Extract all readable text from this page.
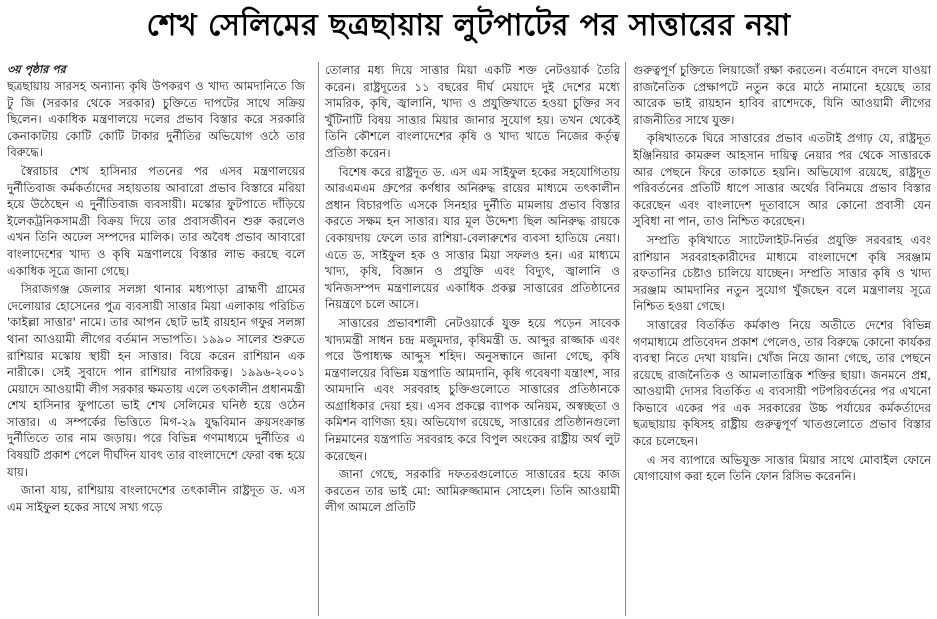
শেখ সেলিমের ছত্রছায়ায় লুটপাটের পর সাত্তারের নয়া
৩য় পৃষ্ঠার পর

ছত্রছায়ায় সারসহ অন্যান্য কৃষি উপকরণ ও খাদ্য আমদানিতে জি টু জি (সরকার থেকে সরকার) চুক্তিতে দাপটের সাথে সক্রিয় ছিলেন। একাধিক মন্ত্রণালয়ে দলের প্রভাব বিস্তার করে সরকারি কেনাকাটায় কোটি কোটি টাকার দুর্নীতির অভিযোগ ওঠে তার বিরুদ্ধে।

স্বৈরাচার শেখ হাসিনার পতনের পর এসব মন্ত্রণালয়ের দুর্নীতিবাজ কর্মকর্তাদের সহায়তায় আবারো প্রভাব বিস্তারে মরিয়া হয়ে উঠেছেন এ দুর্নীতিবাজ ব্যবসায়ী। মস্কোর ফুটপাতে দাঁড়িয়ে ইলেকট্রনিকসামগ্রী বিক্রয় দিয়ে তার প্রবাসজীবন শুরু করলেও এখন তিনি অঢেল সম্পদের মালিক। তার অবৈধ প্রভাব আবারো বাংলাদেশের খাদ্য ও কৃষি মন্ত্রণালয়ে বিস্তার লাভ করছে বলে একাধিক সূত্রে জানা গেছে।

সিরাজগঞ্জ জেলার সলঙ্গা থানার মধ্যপাড়া ব্রাহ্মণী গ্রামের দেলোয়ার হোসেনের পুত্র ব্যবসায়ী সাত্তার মিয়া এলাকায় পরিচিত 'কাইল্লা সাত্তার' নামে। তার আপন ছোট ভাই রায়হান গফুর সলঙ্গা থানা আওয়ামী লীগের বর্তমান সভাপতি। ১৯৯০ সালের শুরুতে রাশিয়ার মস্কোয় স্থায়ী হন সাত্তার। বিয়ে করেন রাশিয়ান এক নারীকে। সেই সুবাদে পান রাশিয়ার নাগরিকত্ব। ১৯৯৬-২০০১ মেয়াদে আওয়ামী লীগ সরকার ক্ষমতায় এলে তৎকালীন প্রধানমন্ত্রী শেখ হাসিনার ফুপাতো ভাই শেখ সেলিমের ঘনিষ্ঠ হয়ে ওঠেন সাত্তার। এ সম্পর্কের ভিত্তিতে মিগ-২৯ যুদ্ধবিমান ক্রয়সংক্রান্ত দুর্নীতিতে তার নাম জড়ায়। পরে বিভিন্ন গণমাধ্যমে দুর্নীতির এ বিষয়টি প্রকাশ পেলে দীর্ঘদিন যাবৎ তার বাংলাদেশে ফেরা বন্ধ হয়ে যায়।

জানা যায়, রাশিয়ায় বাংলাদেশের তৎকালীন রাষ্ট্রদূত ড. এস এম সাইফুল হকের সাথে সখ্য গড়ে

তোলার মধ্য দিয়ে সাত্তার মিয়া একটি শক্ত নেটওয়ার্ক তৈরি করেন। রাষ্ট্রদূতের ১১ বছরের দীর্ঘ মেয়াদে দুই দেশের মধ্যে সামরিক, কৃষি, জ্বালানি, খাদ্য ও প্রযুক্তিখাতে হওয়া চুক্তির সব খুঁটিনাটি বিষয় সাত্তার মিয়ার জানার সুযোগ হয়। তখন থেকেই তিনি কৌশলে বাংলাদেশের কৃষি ও খাদ্য খাতে নিজের কর্তৃত্ব প্রতিষ্ঠা করেন।

বিশেষ করে রাষ্ট্রদূত ড. এস এম সাইফুল হকের সহযোগিতায় আরএমএম গ্রুপের কর্ণধার অনিরুদ্ধ রায়ের মাধ্যমে তৎকালীন প্রধান বিচারপতি এসকে সিনহার দুর্নীতি মামলায় প্রভাব বিস্তার করতে সক্ষম হন সাত্তার। যার মূল উদ্দেশ্য ছিল অনিরুদ্ধ রায়কে বেকায়দায় ফেলে তার রাশিয়া-বেলারুশের ব্যবসা হাতিয়ে নেয়া। এতে ড. সাইফুল হক ও সাত্তার মিয়া সফলও হন। এর মাধ্যমে খাদ্য, কৃষি, বিজ্ঞান ও প্রযুক্তি এবং বিদ্যুৎ, জ্বালানি ও খনিজসম্পদ মন্ত্রণালয়ের একাধিক প্রকল্প সাত্তারের প্রতিষ্ঠানের নিয়ন্ত্রণে চলে আসে।

সাত্তারের প্রভাবশালী নেটওয়ার্কে যুক্ত হয়ে পড়েন সাবেক খাদ্যমন্ত্রী সাধন চন্দ্র মজুমদার, কৃষিমন্ত্রী ড. আব্দুর রাজ্জাক এবং পরে উপাধ্যক্ষ আব্দুস শহিদ। অনুসন্ধানে জানা গেছে, কৃষি মন্ত্রণালয়ের বিভিন্ন যন্ত্রপাতি আমদানি, কৃষি গবেষণা যন্ত্রাংশ, সার আমদানি এবং সরবরাহ চুক্তিগুলোতে সাত্তারের প্রতিষ্ঠানকে অগ্রাধিকার দেয়া হয়। এসব প্রকল্পে ব্যাপক অনিয়ম, অস্বচ্ছতা ও কমিশন বাণিজ্য হয়। অভিযোগ রয়েছে, সাত্তারের প্রতিষ্ঠানগুলো নিম্নমানের যন্ত্রপাতি সরবরাহ করে বিপুল অংকের রাষ্ট্রীয় অর্থ লুট করেছেন।

জানা গেছে, সরকারি দফতরগুলোতে সাত্তারের হয়ে কাজ করতেন তার ভাই মো: আমিরুজ্জামান সোহেল। তিনি আওয়ামী লীগ আমলে প্রতিটি

গুরুত্বপূর্ণ চুক্তিতে লিয়াজোঁ রক্ষা করতেন। বর্তমানে বদলে যাওয়া রাজনৈতিক প্রেক্ষাপটে নতুন করে মাঠে নামানো হয়েছে তার আরেক ভাই রায়হান হাবিব রাশেদকে, যিনি আওয়ামী লীগের রাজনীতির সাথে যুক্ত।

কৃষিখাতকে ঘিরে সাত্তারের প্রভাব এতটাই প্রগাঢ় যে, রাষ্ট্রদূত ইঞ্জিনিয়ার কামরুল আহসান দায়িত্ব নেয়ার পর থেকে সাত্তারকে আর পেছনে ফিরে তাকাতে হয়নি। অভিযোগ রয়েছে, রাষ্ট্রদূত পরিবর্তনের প্রতিটি ধাপে সাত্তার অর্থের বিনিময়ে প্রভাব বিস্তার করেছেন এবং বাংলাদেশ দূতাবাসে আর কোনো প্রবাসী যেন সুবিধা না পান, তাও নিশ্চিত করেছেন।

সম্প্রতি কৃষিখাতে স্যাটেলাইট-নির্ভর প্রযুক্তি সরবরাহ এবং রাশিয়ান সরবরাহকারীদের মাধ্যমে বাংলাদেশে কৃষি সরঞ্জাম রফতানির চেষ্টাও চালিয়ে যাচ্ছেন। সম্প্রতি সাত্তার কৃষি ও খাদ্য সরঞ্জাম আমদানির নতুন সুযোগ খুঁজছেন বলে মন্ত্রণালয় সূত্রে নিশ্চিত হওয়া গেছে।

সাত্তারের বিতর্কিত কর্মকাণ্ড নিয়ে অতীতে দেশের বিভিন্ন গণমাধ্যমে প্রতিবেদন প্রকাশ পেলেও, তার বিরুদ্ধে কোনো কার্যকর ব্যবস্থা নিতে দেখা যায়নি। খোঁজ নিয়ে জানা গেছে, তার পেছনে রয়েছে রাজনৈতিক ও আমলাতান্ত্রিক শক্তির ছায়া। জনমনে প্রশ্ন, আওয়ামী দোসর বিতর্কিত এ ব্যবসায়ী পটপরিবর্তনের পর এখনো কিভাবে একের পর এক সরকারের উচ্চ পর্যায়ের কর্মকর্তাদের ছত্রছায়ায় কৃষিসহ রাষ্ট্রীয় গুরুত্বপূর্ণ খাতগুলোতে প্রভাব বিস্তার করে চলেছেন।

এ সব ব্যাপারে অভিযুক্ত সাত্তার মিয়ার সাথে মোবাইল ফোনে যোগাযোগ করা হলে তিনি ফোন রিসিভ করেননি।
